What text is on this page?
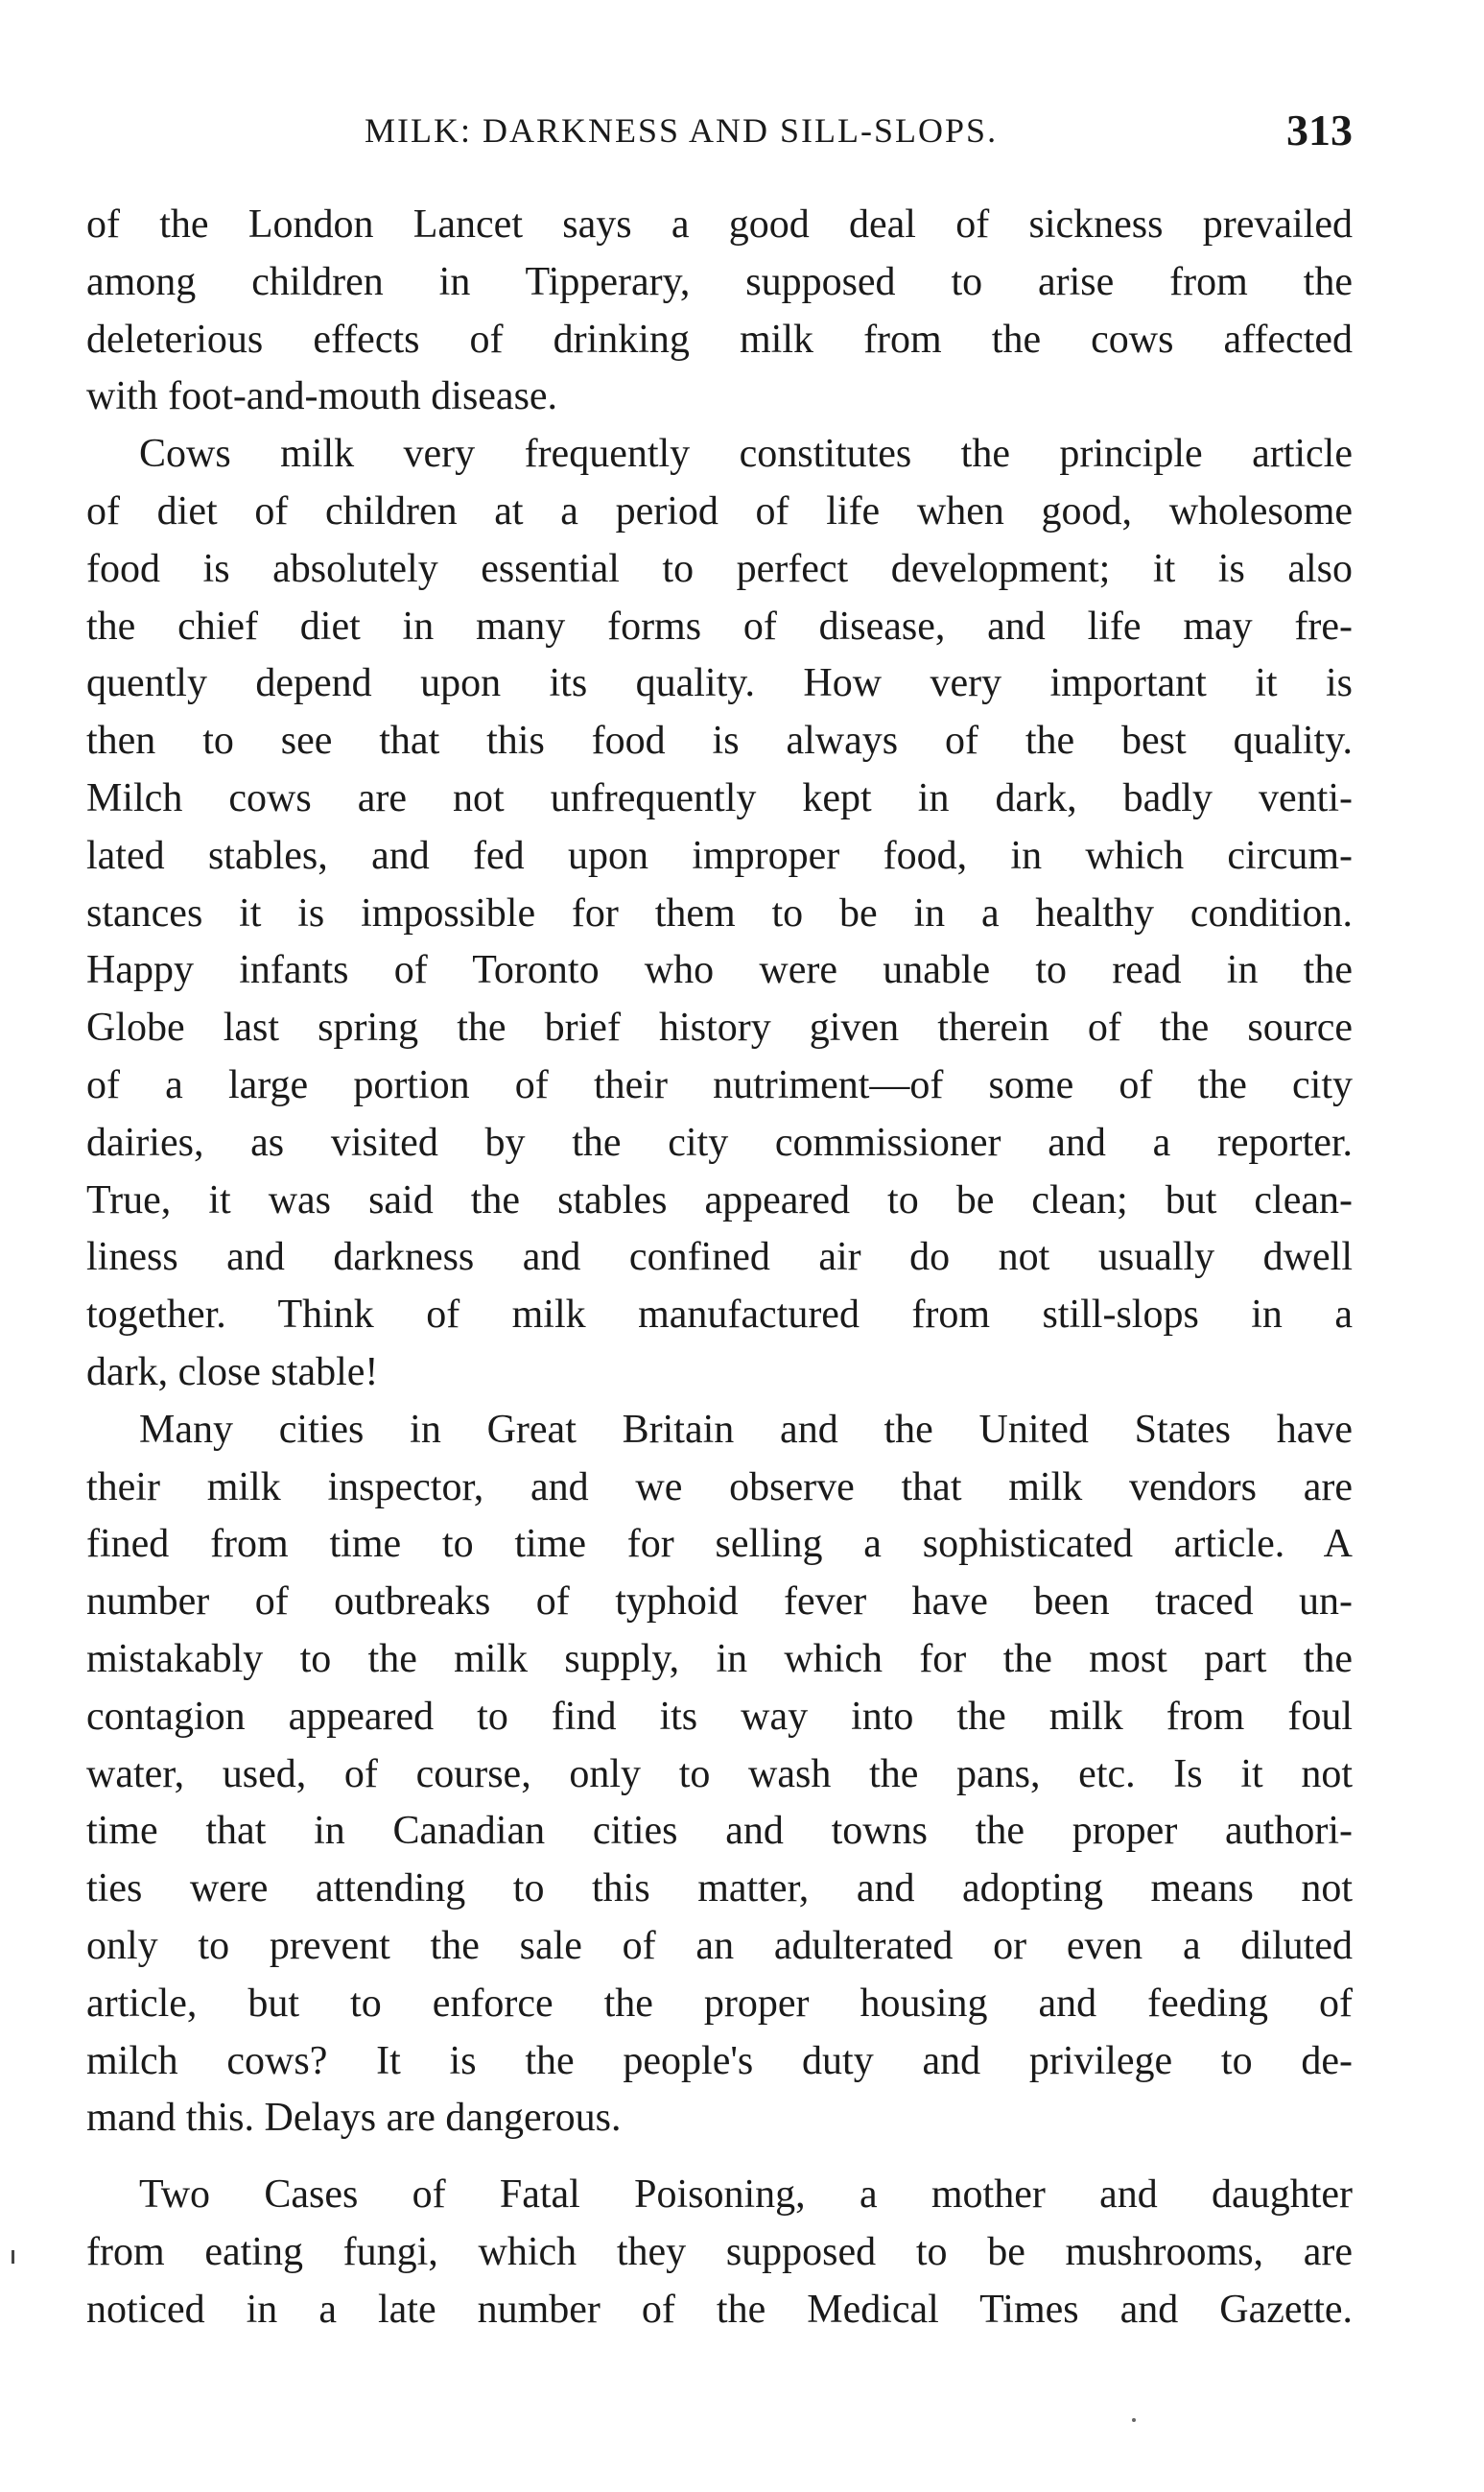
MILK: DARKNESS AND SILL-SLOPS.	313
of the London Lancet says a good deal of sickness prevailed
among children in Tipperary, supposed to arise from the
deleterious effects of drinking milk from the cows affected
with foot-and-mouth disease.
Cows milk very frequently constitutes the principle article
of diet of children at a period of life when good, wholesome
food is absolutely essential to perfect development; it is also
the chief diet in many forms of disease, and life may fre-
quently depend upon its quality. How very important it is
then to see that this food is always of the best quality.
Milch cows are not unfrequently kept in dark, badly venti-
lated stables, and fed upon improper food, in which circum-
stances it is impossible for them to be in a healthy condition.
Happy infants of Toronto who were unable to read in the
Globe last spring the brief history given therein of the source
of a large portion of their nutriment—of some of the city
dairies, as visited by the city commissioner and a reporter.
True, it was said the stables appeared to be clean; but clean-
liness and darkness and confined air do not usually dwell
together. Think of milk manufactured from still-slops in a
dark, close stable!
Many cities in Great Britain and the United States have
their milk inspector, and we observe that milk vendors are
fined from time to time for selling a sophisticated article. A
number of outbreaks of typhoid fever have been traced un-
mistakably to the milk supply, in which for the most part the
contagion appeared to find its way into the milk from foul
water, used, of course, only to wash the pans, etc. Is it not
time that in Canadian cities and towns the proper authori-
ties were attending to this matter, and adopting means not
only to prevent the sale of an adulterated or even a diluted
article, but to enforce the proper housing and feeding of
milch cows? It is the people's duty and privilege to de-
mand this. Delays are dangerous.
Two Cases of Fatal Poisoning, a mother and daughter
from eating fungi, which they supposed to be mushrooms, are
noticed in a late number of the Medical Times and Gazette.
